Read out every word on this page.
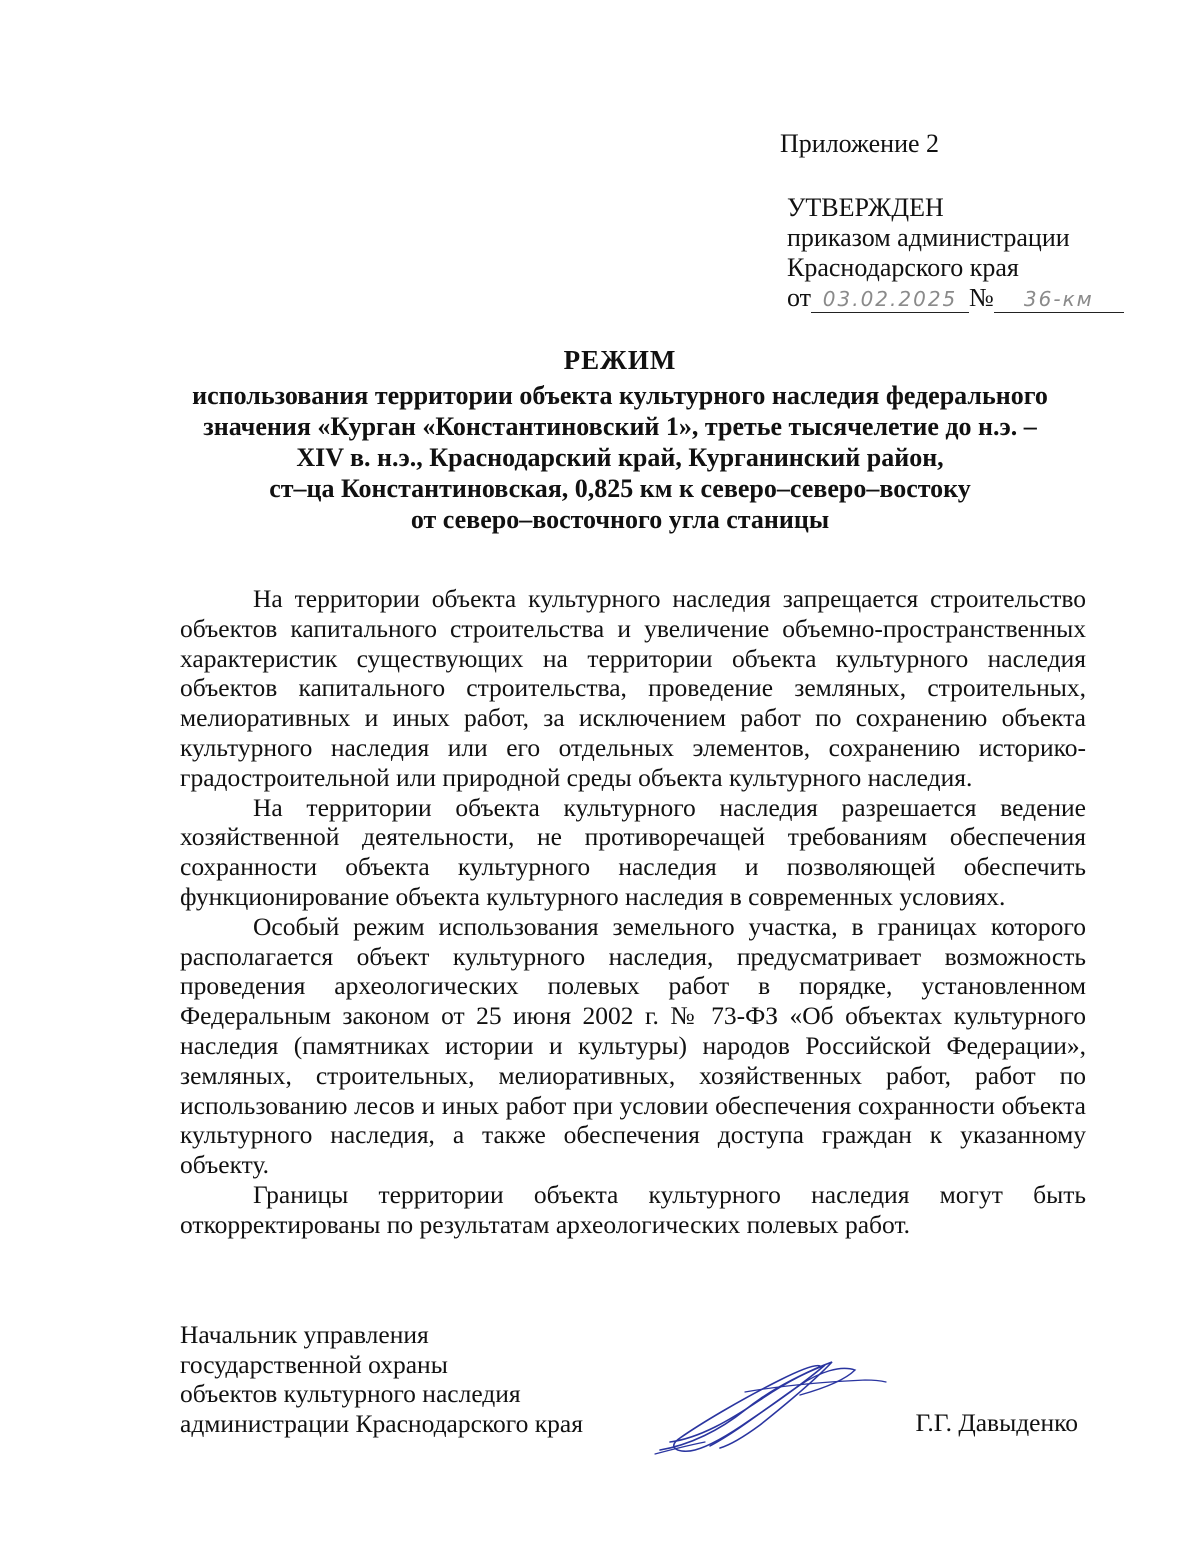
Приложение 2
УТВЕРЖДЕН
приказом администрации
Краснодарского края
от 03.02.2025 № 36-км
РЕЖИМ
использования территории объекта культурного наследия федерального
значения «Курган «Константиновский 1», третье тысячелетие до н.э. –
XIV в. н.э., Краснодарский край, Курганинский район,
ст–ца Константиновская, 0,825 км к северо–северо–востоку
от северо–восточного угла станицы

На территории объекта культурного наследия запрещается строительство объектов капитального строительства и увеличение объемно-пространственных характеристик существующих на территории объекта культурного наследия объектов капитального строительства, проведение земляных, строительных, мелиоративных и иных работ, за исключением работ по сохранению объекта культурного наследия или его отдельных элементов, сохранению историко-градостроительной или природной среды объекта культурного наследия.

На территории объекта культурного наследия разрешается ведение хозяйственной деятельности, не противоречащей требованиям обеспечения сохранности объекта культурного наследия и позволяющей обеспечить функционирование объекта культурного наследия в современных условиях.

Особый режим использования земельного участка, в границах которого располагается объект культурного наследия, предусматривает возможность проведения археологических полевых работ в порядке, установленном Федеральным законом от 25 июня 2002 г. № 73-ФЗ «Об объектах культурного наследия (памятниках истории и культуры) народов Российской Федерации», земляных, строительных, мелиоративных, хозяйственных работ, работ по использованию лесов и иных работ при условии обеспечения сохранности объекта культурного наследия, а также обеспечения доступа граждан к указанному объекту.

Границы территории объекта культурного наследия могут быть откорректированы по результатам археологических полевых работ.

Начальник управления
государственной охраны
объектов культурного наследия
администрации Краснодарского края	Г.Г. Давыденко
